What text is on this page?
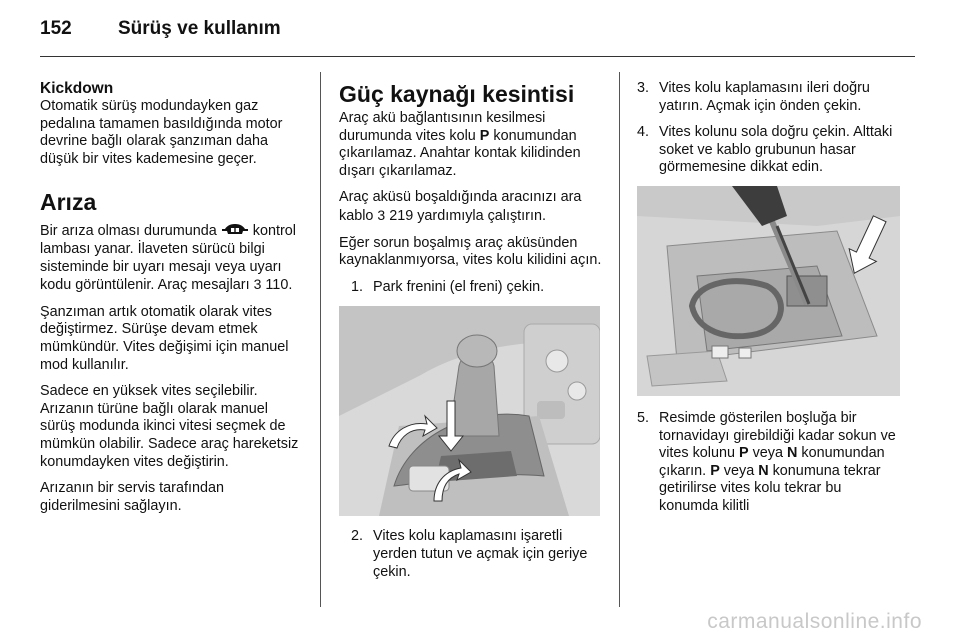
152 Sürüş ve kullanım
Kickdown

Otomatik sürüş modundayken gaz pedalına tamamen basıldığında motor devrine bağlı olarak şanzıman daha düşük bir vites kademesine geçer.

Arıza

Bir arıza olması durumunda	kontrol lambası yanar. İlaveten sürücü bilgi sisteminde bir uyarı mesajı veya uyarı kodu görüntülenir. Araç mesajları 3 110.

Şanzıman artık otomatik olarak vites değiştirmez. Sürüşe devam etmek mümkündür. Vites değişimi için manuel mod kullanılır.

Sadece en yüksek vites seçilebilir. Arızanın türüne bağlı olarak manuel sürüş modunda ikinci vitesi seçmek de mümkün olabilir. Sadece araç hareketsiz konumdayken vites değiştirin.

Arızanın bir servis tarafından giderilmesini sağlayın.

Güç kaynağı kesintisi

Araç akü bağlantısının kesilmesi durumunda vites kolu P konumundan çıkarılamaz. Anahtar kontak kilidinden dışarı çıkarılamaz.

Araç aküsü boşaldığında aracınızı ara kablo 3 219 yardımıyla çalıştırın.

Eğer sorun boşalmış araç aküsünden kaynaklanmıyorsa, vites kolu kilidini açın.

1. Park frenini (el freni) çekin.
2. Vites kolu kaplamasını işaretli yerden tutun ve açmak için geriye çekin.
3. Vites kolu kaplamasını ileri doğru yatırın. Açmak için önden çekin.
4. Vites kolunu sola doğru çekin. Alttaki soket ve kablo grubunun hasar görmemesine dikkat edin.
5. Resimde gösterilen boşluğa bir tornavidayı girebildiği kadar sokun ve vites kolunu P veya N konumundan çıkarın. P veya N konumuna tekrar getirilirse vites kolu tekrar bu konumda kilitli
carmanualsonline.info
